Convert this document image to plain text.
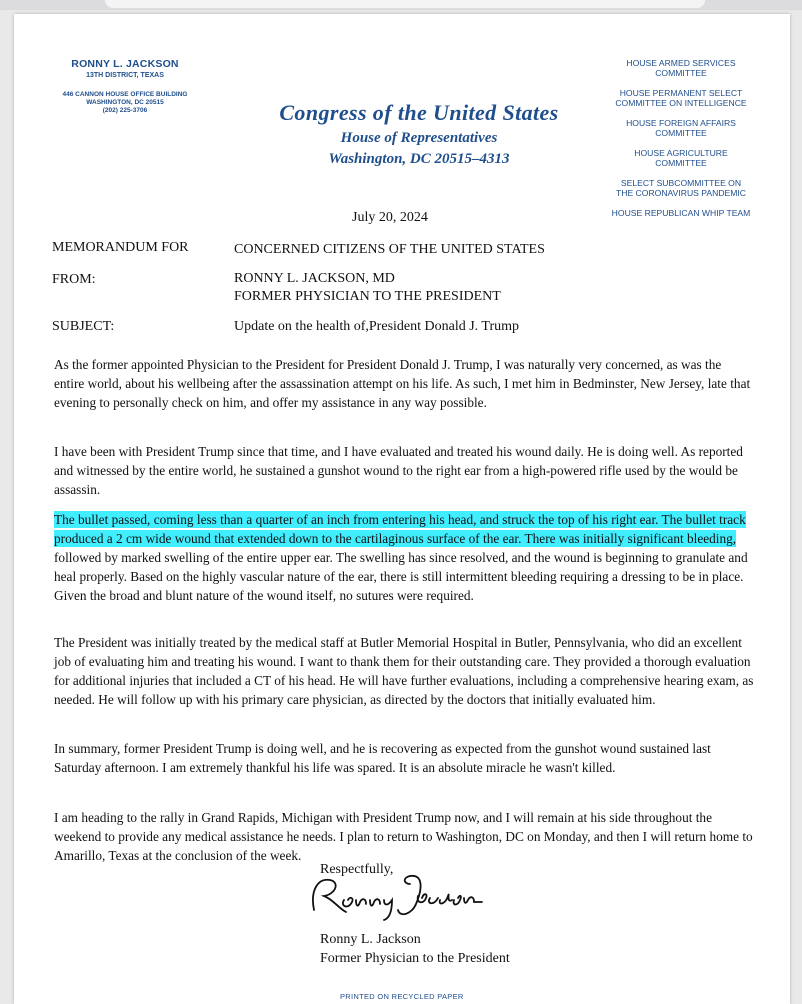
RONNY L. JACKSON
13TH DISTRICT, TEXAS
446 CANNON HOUSE OFFICE BUILDING
WASHINGTON, DC 20515
(202) 225-3706	Congress of the United States
House of Representatives
Washington, DC 20515–4313
HOUSE ARMED SERVICES
COMMITTEE
HOUSE PERMANENT SELECT
COMMITTEE ON INTELLIGENCE
HOUSE FOREIGN AFFAIRS
COMMITTEE
HOUSE AGRICULTURE
COMMITTEE
SELECT SUBCOMMITTEE ON
THE CORONAVIRUS PANDEMIC
HOUSE REPUBLICAN WHIP TEAM
July 20, 2024
MEMORANDUM FOR	CONCERNED CITIZENS OF THE UNITED STATES
FROM:	RONNY L. JACKSON, MD
FORMER PHYSICIAN TO THE PRESIDENT
SUBJECT:	Update on the health of,President Donald J. Trump
As the former appointed Physician to the President for President Donald J. Trump, I was naturally very concerned, as was the entire world, about his wellbeing after the assassination attempt on his life. As such, I met him in Bedminster, New Jersey, late that evening to personally check on him, and offer my assistance in any way possible.
I have been with President Trump since that time, and I have evaluated and treated his wound daily. He is doing well. As reported and witnessed by the entire world, he sustained a gunshot wound to the right ear from a high-powered rifle used by the would be assassin.
The bullet passed, coming less than a quarter of an inch from entering his head, and struck the top of his right ear. The bullet track produced a 2 cm wide wound that extended down to the cartilaginous surface of the ear. There was initially significant bleeding, followed by marked swelling of the entire upper ear. The swelling has since resolved, and the wound is beginning to granulate and heal properly. Based on the highly vascular nature of the ear, there is still intermittent bleeding requiring a dressing to be in place. Given the broad and blunt nature of the wound itself, no sutures were required.
The President was initially treated by the medical staff at Butler Memorial Hospital in Butler, Pennsylvania, who did an excellent job of evaluating him and treating his wound. I want to thank them for their outstanding care. They provided a thorough evaluation for additional injuries that included a CT of his head. He will have further evaluations, including a comprehensive hearing exam, as needed. He will follow up with his primary care physician, as directed by the doctors that initially evaluated him.
In summary, former President Trump is doing well, and he is recovering as expected from the gunshot wound sustained last Saturday afternoon. I am extremely thankful his life was spared. It is an absolute miracle he wasn't killed.
I am heading to the rally in Grand Rapids, Michigan with President Trump now, and I will remain at his side throughout the weekend to provide any medical assistance he needs. I plan to return to Washington, DC on Monday, and then I will return home to Amarillo, Texas at the conclusion of the week.
Respectfully,
Ronny L. Jackson
Former Physician to the President
PRINTED ON RECYCLED PAPER
